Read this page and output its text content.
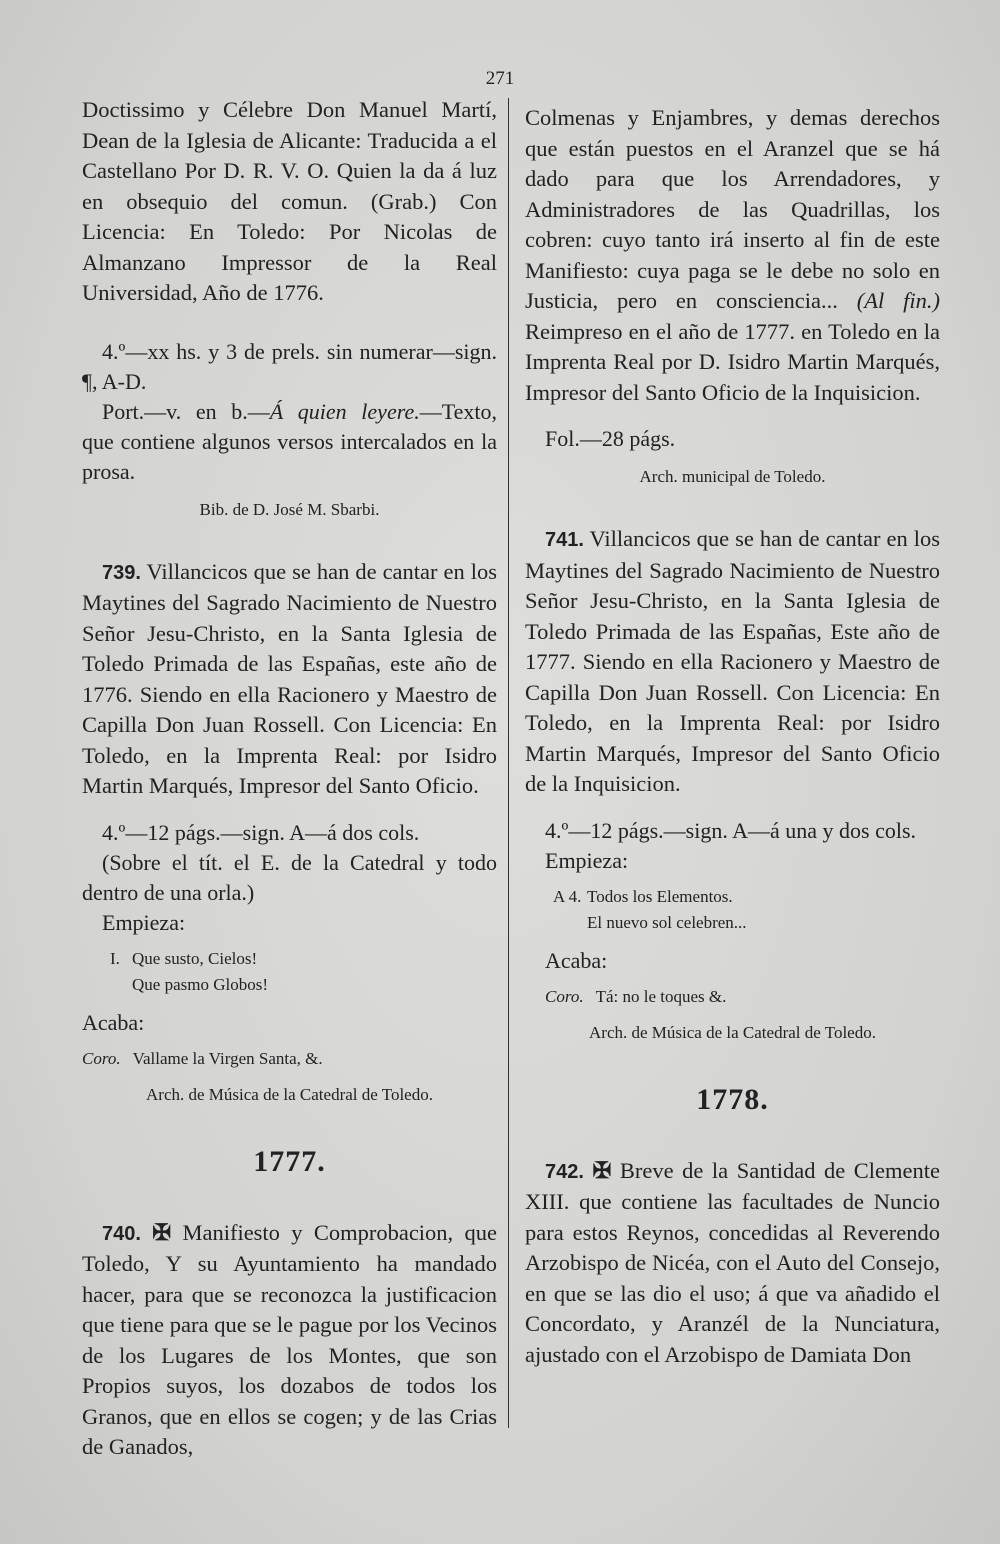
271

Doctissimo y Célebre Don Manuel Martí, Dean de la Iglesia de Alicante: Traducida a el Castellano Por D. R. V. O. Quien la da á luz en obsequio del comun. (Grab.) Con Licencia: En Toledo: Por Nicolas de Almanzano Impressor de la Real Universidad, Año de 1776.

4.º—xx hs. y 3 de prels. sin numerar—sign. ¶, A-D.

Port.—v. en b.—Á quien leyere.—Texto, que contiene algunos versos intercalados en la prosa.

Bib. de D. José M. Sbarbi.

739. Villancicos que se han de cantar en los Maytines del Sagrado Nacimiento de Nuestro Señor Jesu-Christo, en la Santa Iglesia de Toledo Primada de las Españas, este año de 1776. Siendo en ella Racionero y Maestro de Capilla Don Juan Rossell. Con Licencia: En Toledo, en la Imprenta Real: por Isidro Martin Marqués, Impresor del Santo Oficio.

4.º—12 págs.—sign. A—á dos cols.

(Sobre el tít. el E. de la Catedral y todo dentro de una orla.)

Empieza:

I. Que susto, Cielos!
Que pasmo Globos!

Acaba:

Coro. Vallame la Virgen Santa, &.

Arch. de Música de la Catedral de Toledo.

1777.

740. ✠ Manifiesto y Comprobacion, que Toledo, Y su Ayuntamiento ha mandado hacer, para que se reconozca la justificacion que tiene para que se le pague por los Vecinos de los Lugares de los Montes, que son Propios suyos, los dozabos de todos los Granos, que en ellos se cogen; y de las Crias de Ganados,

Colmenas y Enjambres, y demas derechos que están puestos en el Aranzel que se há dado para que los Arrendadores, y Administradores de las Quadrillas, los cobren: cuyo tanto irá inserto al fin de este Manifiesto: cuya paga se le debe no solo en Justicia, pero en consciencia... (Al fin.) Reimpreso en el año de 1777. en Toledo en la Imprenta Real por D. Isidro Martin Marqués, Impresor del Santo Oficio de la Inquisicion.

Fol.—28 págs.

Arch. municipal de Toledo.

741. Villancicos que se han de cantar en los Maytines del Sagrado Nacimiento de Nuestro Señor Jesu-Christo, en la Santa Iglesia de Toledo Primada de las Españas, Este año de 1777. Siendo en ella Racionero y Maestro de Capilla Don Juan Rossell. Con Licencia: En Toledo, en la Imprenta Real: por Isidro Martin Marqués, Impresor del Santo Oficio de la Inquisicion.

4.º—12 págs.—sign. A—á una y dos cols.

Empieza:

A 4. Todos los Elementos.
El nuevo sol celebren...

Acaba:

Coro. Tá: no le toques &.

Arch. de Música de la Catedral de Toledo.

1778.

742. ✠ Breve de la Santidad de Clemente XIII. que contiene las facultades de Nuncio para estos Reynos, concedidas al Reverendo Arzobispo de Nicéa, con el Auto del Consejo, en que se las dio el uso; á que va añadido el Concordato, y Aranzél de la Nunciatura, ajustado con el Arzobispo de Damiata Don
